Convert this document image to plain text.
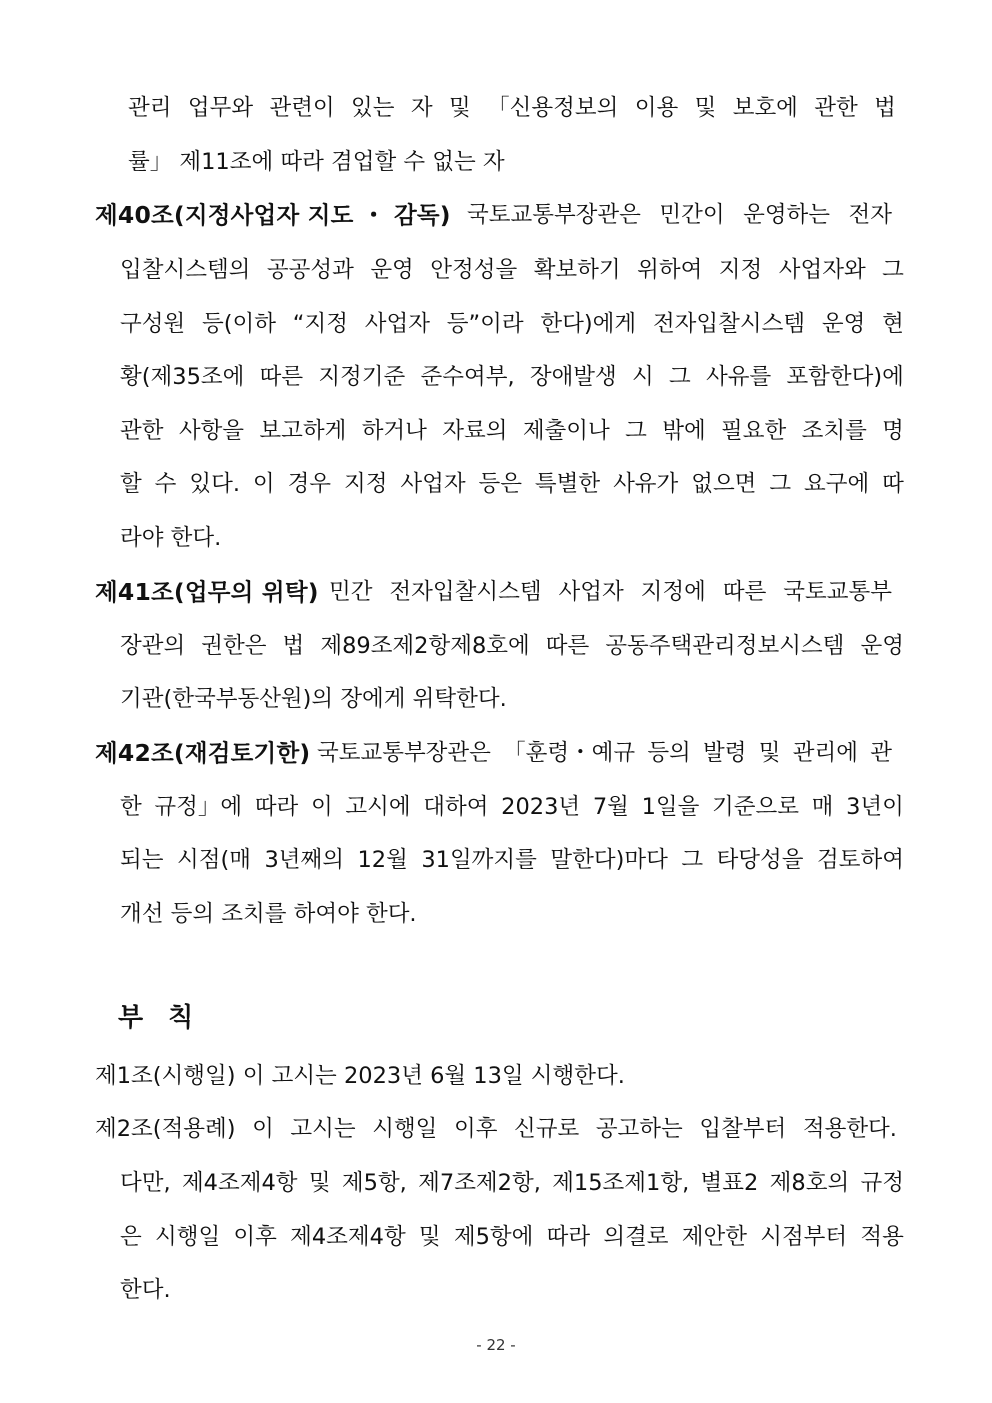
관리 업무와 관련이 있는 자 및 「신용정보의 이용 및 보호에 관한 법
률」 제11조에 따라 겸업할 수 없는 자
제40조(지정사업자 지도 ・ 감독) 국토교통부장관은 민간이 운영하는 전자
입찰시스템의 공공성과 운영 안정성을 확보하기 위하여 지정 사업자와 그
구성원 등(이하 “지정 사업자 등”이라 한다)에게 전자입찰시스템 운영 현
황(제35조에 따른 지정기준 준수여부, 장애발생 시 그 사유를 포함한다)에
관한 사항을 보고하게 하거나 자료의 제출이나 그 밖에 필요한 조치를 명
할 수 있다. 이 경우 지정 사업자 등은 특별한 사유가 없으면 그 요구에 따
라야 한다.
제41조(업무의 위탁) 민간 전자입찰시스템 사업자 지정에 따른 국토교통부
장관의 권한은 법 제89조제2항제8호에 따른 공동주택관리정보시스템 운영
기관(한국부동산원)의 장에게 위탁한다.
제42조(재검토기한) 국토교통부장관은 「훈령・예규 등의 발령 및 관리에 관
한 규정」에 따라 이 고시에 대하여 2023년 7월 1일을 기준으로 매 3년이
되는 시점(매 3년째의 12월 31일까지를 말한다)마다 그 타당성을 검토하여
개선 등의 조치를 하여야 한다.
부 칙
제1조(시행일) 이 고시는 2023년 6월 13일 시행한다.
제2조(적용례) 이 고시는 시행일 이후 신규로 공고하는 입찰부터 적용한다.
다만, 제4조제4항 및 제5항, 제7조제2항, 제15조제1항, 별표2 제8호의 규정
은 시행일 이후 제4조제4항 및 제5항에 따라 의결로 제안한 시점부터 적용
한다.
- 22 -
